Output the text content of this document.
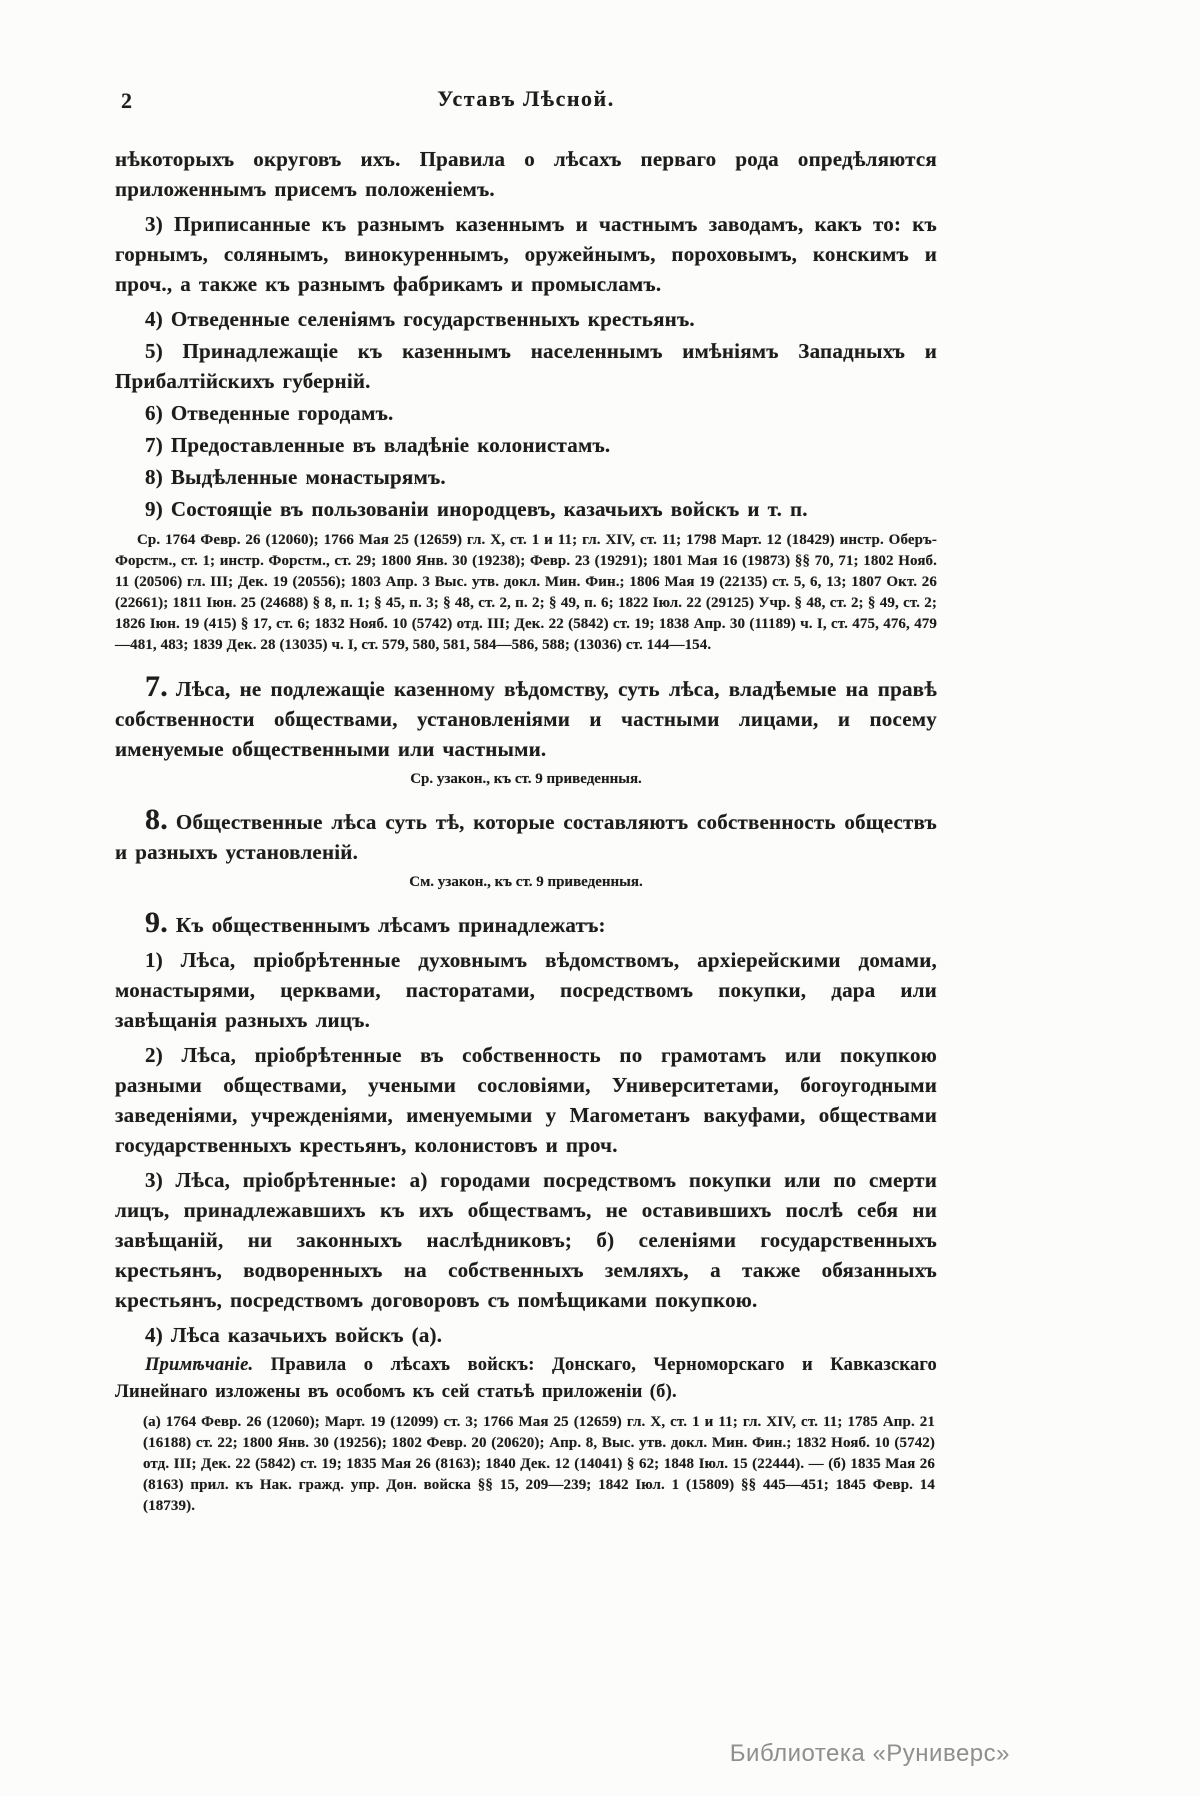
2	Уставъ Лѣсной.

нѣкоторыхъ округовъ ихъ. Правила о лѣсахъ перваго рода опредѣляются приложеннымъ присемъ положеніемъ.

3) Приписанные къ разнымъ казеннымъ и частнымъ заводамъ, какъ то: къ горнымъ, солянымъ, винокуреннымъ, оружейнымъ, пороховымъ, конскимъ и проч., а также къ разнымъ фабрикамъ и промысламъ.

4) Отведенные селеніямъ государственныхъ крестьянъ.

5) Принадлежащіе къ казеннымъ населеннымъ имѣніямъ Западныхъ и Прибалтійскихъ губерній.

6) Отведенные городамъ.

7) Предоставленные въ владѣніе колонистамъ.

8) Выдѣленные монастырямъ.

9) Состоящіе въ пользованіи инородцевъ, казачьихъ войскъ и т. п.

Ср. 1764 Февр. 26 (12060); 1766 Мая 25 (12659) гл. X, ст. 1 и 11; гл. XIV, ст. 11; 1798 Март. 12 (18429) инстр. Оберъ-Форстм., ст. 1; инстр. Форстм., ст. 29; 1800 Янв. 30 (19238); Февр. 23 (19291); 1801 Мая 16 (19873) §§ 70, 71; 1802 Нояб. 11 (20506) гл. III; Дек. 19 (20556); 1803 Апр. 3 Выс. утв. докл. Мин. Фин.; 1806 Мая 19 (22135) ст. 5, 6, 13; 1807 Окт. 26 (22661); 1811 Іюн. 25 (24688) § 8, п. 1; § 45, п. 3; § 48, ст. 2, п. 2; § 49, п. 6; 1822 Іюл. 22 (29125) Учр. § 48, ст. 2; § 49, ст. 2; 1826 Іюн. 19 (415) § 17, ст. 6; 1832 Нояб. 10 (5742) отд. III; Дек. 22 (5842) ст. 19; 1838 Апр. 30 (11189) ч. I, ст. 475, 476, 479—481, 483; 1839 Дек. 28 (13035) ч. I, ст. 579, 580, 581, 584—586, 588; (13036) ст. 144—154.

7. Лѣса, не подлежащіе казенному вѣдомству, суть лѣса, владѣемые на правѣ собственности обществами, установленіями и частными лицами, и посему именуемые общественными или частными.

Ср. узакон., къ ст. 9 приведенныя.

8. Общественные лѣса суть тѣ, которые составляютъ собственность обществъ и разныхъ установленій.

См. узакон., къ ст. 9 приведенныя.

9. Къ общественнымъ лѣсамъ принадлежатъ:

1) Лѣса, пріобрѣтенные духовнымъ вѣдомствомъ, архіерейскими домами, монастырями, церквами, пасторатами, посредствомъ покупки, дара или завѣщанія разныхъ лицъ.

2) Лѣса, пріобрѣтенные въ собственность по грамотамъ или покупкою разными обществами, учеными сословіями, Университетами, богоугодными заведеніями, учрежденіями, именуемыми у Магометанъ вакуфами, обществами государственныхъ крестьянъ, колонистовъ и проч.

3) Лѣса, пріобрѣтенные: а) городами посредствомъ покупки или по смерти лицъ, принадлежавшихъ къ ихъ обществамъ, не оставившихъ послѣ себя ни завѣщаній, ни законныхъ наслѣдниковъ; б) селеніями государственныхъ крестьянъ, водворенныхъ на собственныхъ земляхъ, а также обязанныхъ крестьянъ, посредствомъ договоровъ съ помѣщиками покупкою.

4) Лѣса казачьихъ войскъ (а).

Примѣчаніе. Правила о лѣсахъ войскъ: Донскаго, Черноморскаго и Кавказскаго Линейнаго изложены въ особомъ къ сей статьѣ приложеніи (б).

(а) 1764 Февр. 26 (12060); Март. 19 (12099) ст. 3; 1766 Мая 25 (12659) гл. X, ст. 1 и 11; гл. XIV, ст. 11; 1785 Апр. 21 (16188) ст. 22; 1800 Янв. 30 (19256); 1802 Февр. 20 (20620); Апр. 8, Выс. утв. докл. Мин. Фин.; 1832 Нояб. 10 (5742) отд. III; Дек. 22 (5842) ст. 19; 1835 Мая 26 (8163); 1840 Дек. 12 (14041) § 62; 1848 Іюл. 15 (22444). — (б) 1835 Мая 26 (8163) прил. къ Нак. гражд. упр. Дон. войска §§ 15, 209—239; 1842 Іюл. 1 (15809) §§ 445—451; 1845 Февр. 14 (18739).
Библиотека «Руниверс»
